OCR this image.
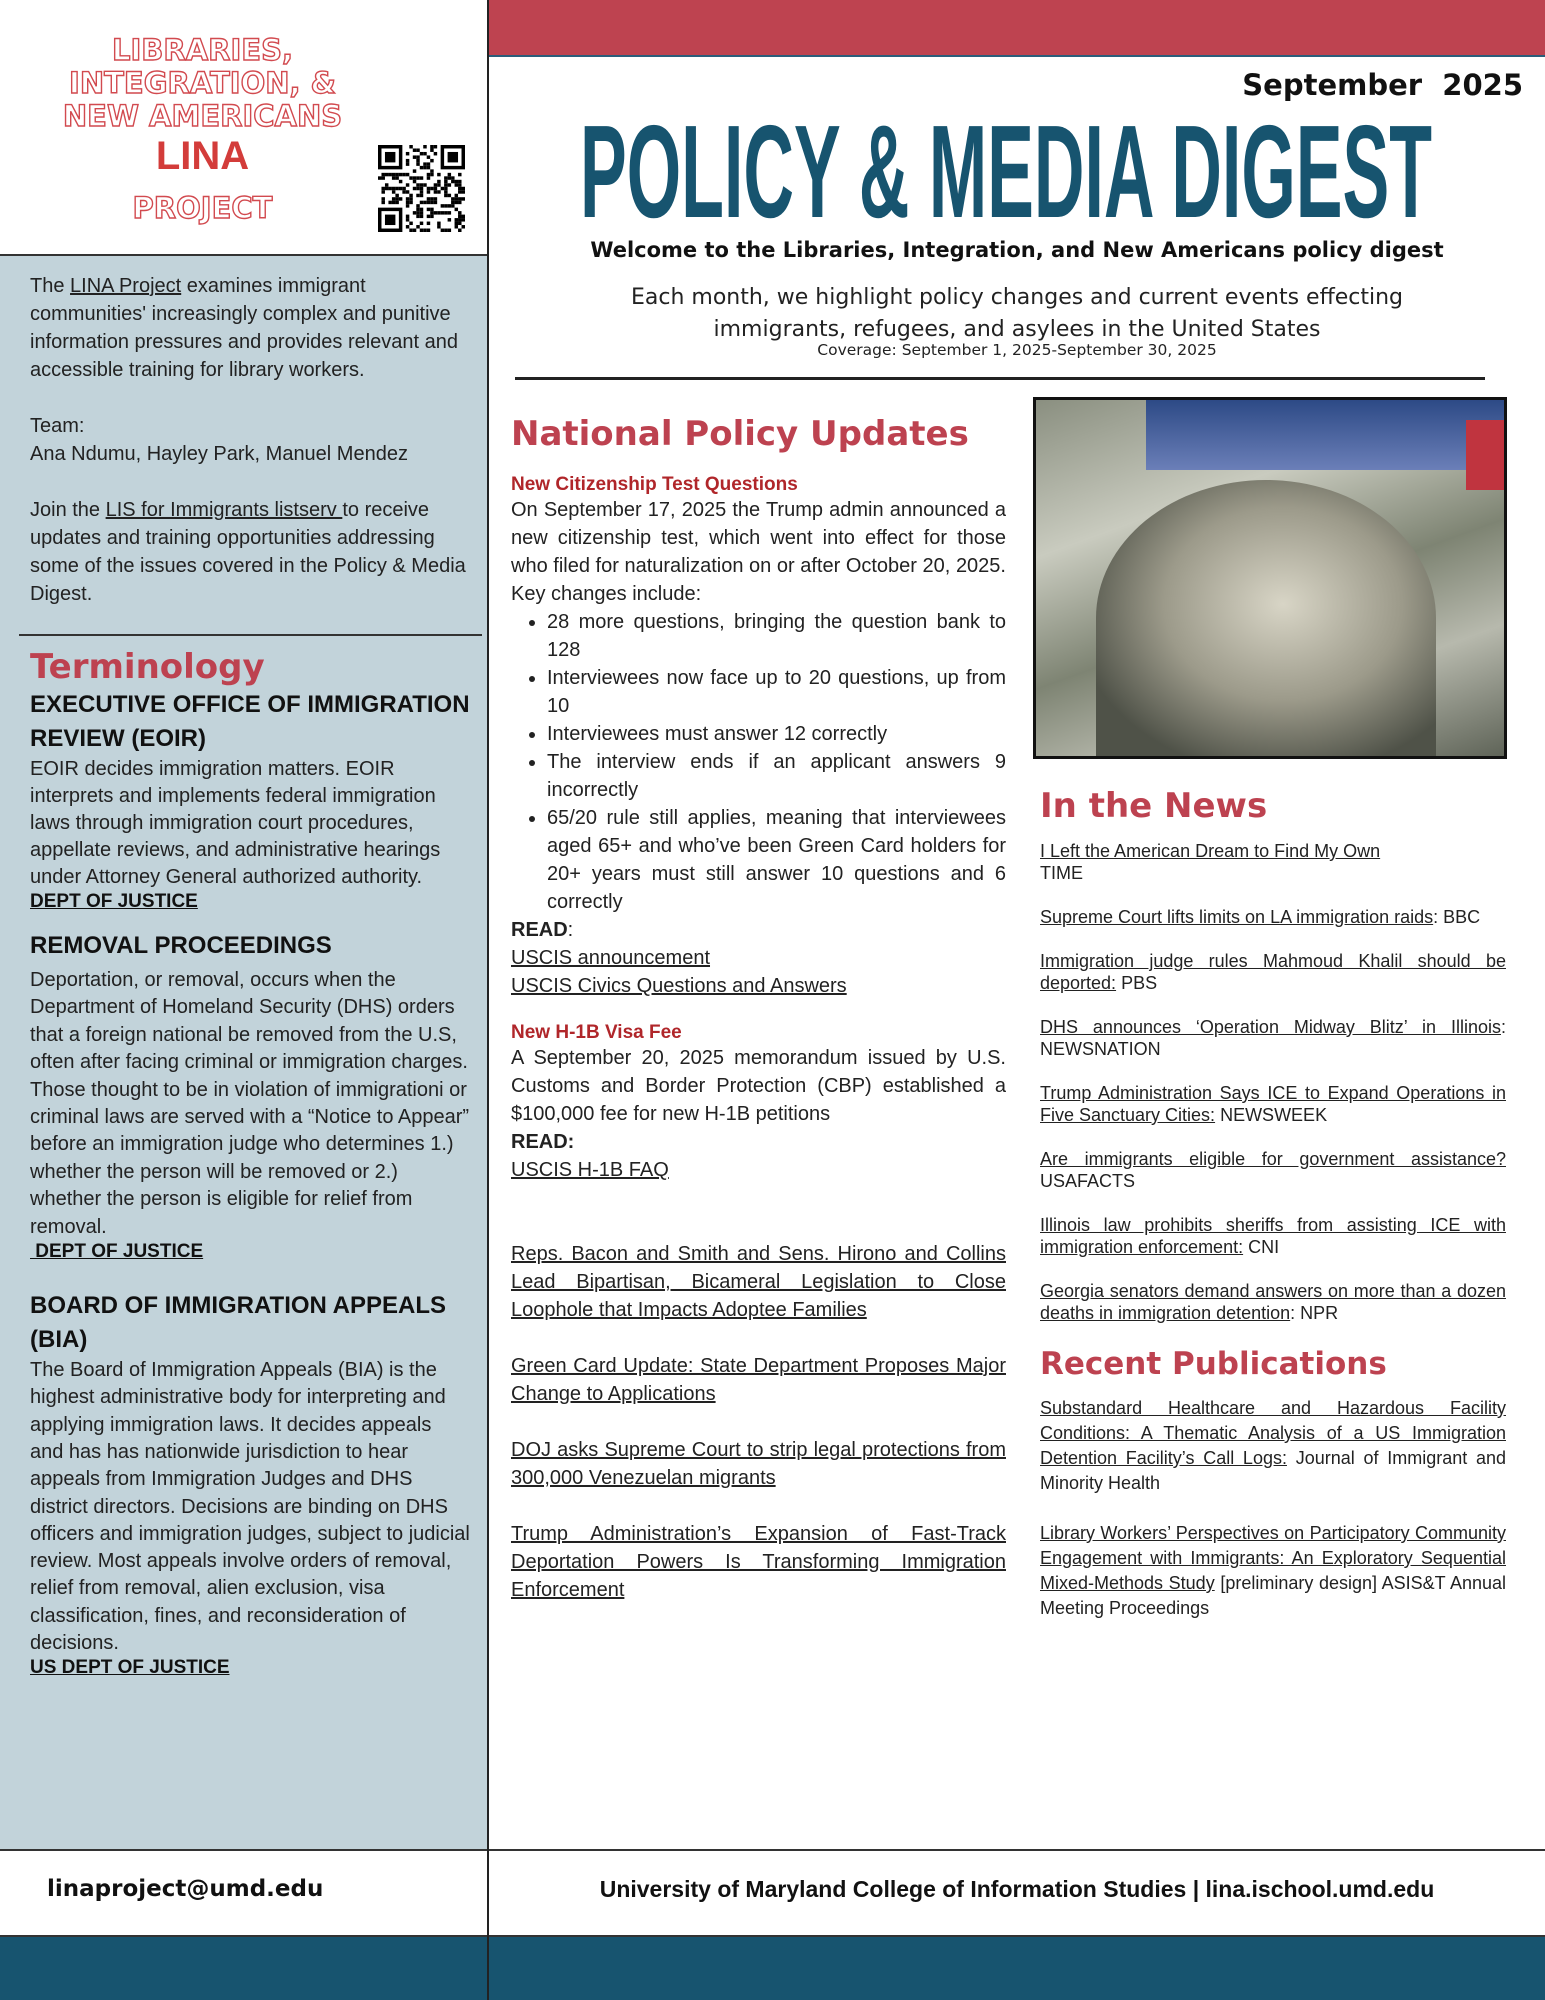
LIBRARIES,
INTEGRATION, &
NEW AMERICANS
LINA
PROJECT
The LINA Project examines immigrant communities' increasingly complex and punitive information pressures and provides relevant and accessible training for library workers.
Team:
Ana Ndumu, Hayley Park, Manuel Mendez
Join the LIS for Immigrants listserv to receive updates and training opportunities addressing some of the issues covered in the Policy & Media Digest.
Terminology
EXECUTIVE OFFICE OF IMMIGRATION REVIEW (EOIR)
EOIR decides immigration matters. EOIR interprets and implements federal immigration laws through immigration court procedures, appellate reviews, and administrative hearings under Attorney General authorized authority.
DEPT OF JUSTICE
REMOVAL PROCEEDINGS
Deportation, or removal, occurs when the Department of Homeland Security (DHS) orders that a foreign national be removed from the U.S, often after facing criminal or immigration charges. Those thought to be in violation of immigrationi or criminal laws are served with a “Notice to Appear” before an immigration judge who determines 1.) whether the person will be removed or 2.) whether the person is eligible for relief from removal.
DEPT OF JUSTICE
BOARD OF IMMIGRATION APPEALS (BIA)
The Board of Immigration Appeals (BIA) is the highest administrative body for interpreting and applying immigration laws. It decides appeals and has has nationwide jurisdiction to hear appeals from Immigration Judges and DHS district directors. Decisions are binding on DHS officers and immigration judges, subject to judicial review. Most appeals involve orders of removal, relief from removal, alien exclusion, visa classification, fines, and reconsideration of decisions.
US DEPT OF JUSTICE
September  2025
POLICY & MEDIA DIGEST
Welcome to the Libraries, Integration, and New Americans policy digest
Each month, we highlight policy changes and current events effecting
immigrants, refugees, and asylees in the United States
Coverage: September 1, 2025-September 30, 2025
National Policy Updates
New Citizenship Test Questions
On September 17, 2025 the Trump admin announced a new citizenship test, which went into effect for those who filed for naturalization on or after October 20, 2025. Key changes include:
• 28 more questions, bringing the question bank to 128
• Interviewees now face up to 20 questions, up from 10
• Interviewees must answer 12 correctly
• The interview ends if an applicant answers 9 incorrectly
• 65/20 rule still applies, meaning that interviewees aged 65+ and who’ve been Green Card holders for 20+ years must still answer 10 questions and 6 correctly
READ:
USCIS announcement
USCIS Civics Questions and Answers
New H-1B Visa Fee
A September 20, 2025 memorandum issued by U.S. Customs and Border Protection (CBP) established a $100,000 fee for new H-1B petitions
READ:
USCIS H-1B FAQ
Reps. Bacon and Smith and Sens. Hirono and Collins Lead Bipartisan, Bicameral Legislation to Close Loophole that Impacts Adoptee Families
Green Card Update: State Department Proposes Major Change to Applications
DOJ asks Supreme Court to strip legal protections from 300,000 Venezuelan migrants
Trump Administration’s Expansion of Fast-Track Deportation Powers Is Transforming Immigration Enforcement
In the News
I Left the American Dream to Find My Own
TIME
Supreme Court lifts limits on LA immigration raids: BBC
Immigration judge rules Mahmoud Khalil should be deported: PBS
DHS announces ‘Operation Midway Blitz’ in Illinois: NEWSNATION
Trump Administration Says ICE to Expand Operations in Five Sanctuary Cities: NEWSWEEK
Are immigrants eligible for government assistance? USAFACTS
Illinois law prohibits sheriffs from assisting ICE with immigration enforcement: CNI
Georgia senators demand answers on more than a dozen deaths in immigration detention: NPR
Recent Publications
Substandard Healthcare and Hazardous Facility Conditions: A Thematic Analysis of a US Immigration Detention Facility’s Call Logs: Journal of Immigrant and Minority Health
Library Workers’ Perspectives on Participatory Community Engagement with Immigrants: An Exploratory Sequential Mixed-Methods Study [preliminary design] ASIS&T Annual Meeting Proceedings
linaproject@umd.edu	University of Maryland College of Information Studies | lina.ischool.umd.edu
